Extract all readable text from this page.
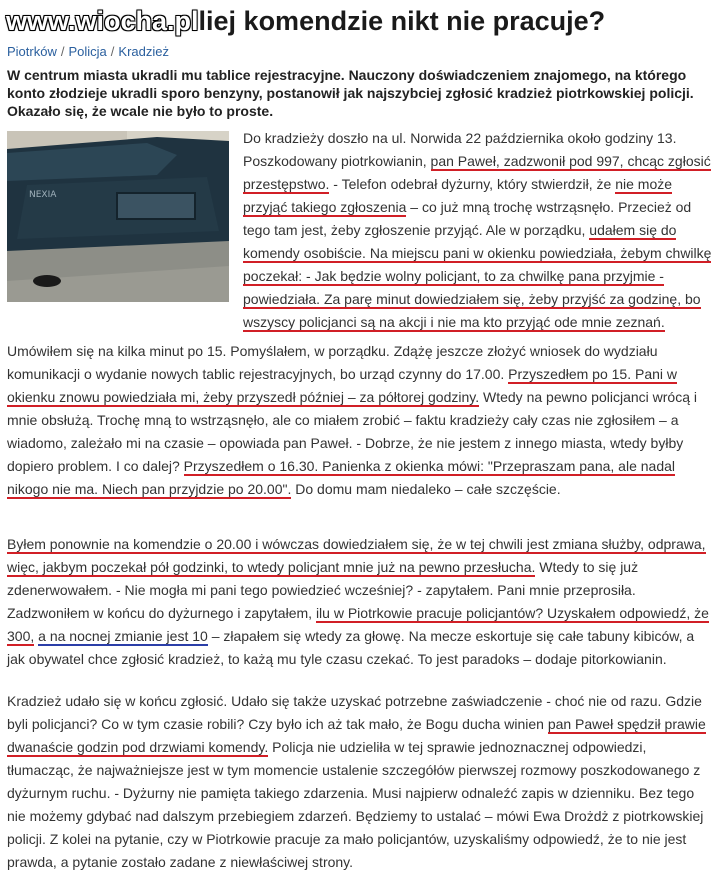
www.wiocha.plliej komendzie nikt nie pracuje?
Piotrków / Policja / Kradzież
W centrum miasta ukradli mu tablice rejestracyjne. Nauczony doświadczeniem znajomego, na którego konto złodzieje ukradli sporo benzyny, postanowił jak najszybciej zgłosić kradzież piotrkowskiej policji. Okazało się, że wcale nie było to proste.
NEXIA
Do kradzieży doszło na ul. Norwida 22 października około godziny 13. Poszkodowany piotrkowianin, pan Paweł, zadzwonił pod 997, chcąc zgłosić przestępstwo. - Telefon odebrał dyżurny, który stwierdził, że nie może przyjąć takiego zgłoszenia – co już mną trochę wstrząsnęło. Przecież od tego tam jest, żeby zgłoszenie przyjąć. Ale w porządku, udałem się do komendy osobiście. Na miejscu pani w okienku powiedziała, żebym chwilkę poczekał: - Jak będzie wolny policjant, to za chwilkę pana przyjmie - powiedziała. Za parę minut dowiedziałem się, żeby przyjść za godzinę, bo wszyscy policjanci są na akcji i nie ma kto przyjąć ode mnie zeznań.
Umówiłem się na kilka minut po 15. Pomyślałem, w porządku. Zdążę jeszcze złożyć wniosek do wydziału komunikacji o wydanie nowych tablic rejestracyjnych, bo urząd czynny do 17.00. Przyszedłem po 15. Pani w okienku znowu powiedziała mi, żeby przyszedł później – za półtorej godziny. Wtedy na pewno policjanci wrócą i mnie obsłużą. Trochę mną to wstrząsnęło, ale co miałem zrobić – faktu kradzieży cały czas nie zgłosiłem – a wiadomo, zależało mi na czasie – opowiada pan Paweł. - Dobrze, że nie jestem z innego miasta, wtedy byłby dopiero problem. I co dalej? Przyszedłem o 16.30. Panienka z okienka mówi: "Przepraszam pana, ale nadal nikogo nie ma. Niech pan przyjdzie po 20.00". Do domu mam niedaleko – całe szczęście.
Byłem ponownie na komendzie o 20.00 i wówczas dowiedziałem się, że w tej chwili jest zmiana służby, odprawa, więc, jakbym poczekał pół godzinki, to wtedy policjant mnie już na pewno przesłucha. Wtedy to się już zdenerwowałem. - Nie mogła mi pani tego powiedzieć wcześniej? - zapytałem. Pani mnie przeprosiła. Zadzwoniłem w końcu do dyżurnego i zapytałem, ilu w Piotrkowie pracuje policjantów? Uzyskałem odpowiedź, że 300, a na nocnej zmianie jest 10 – złapałem się wtedy za głowę. Na mecze eskortuje się całe tabuny kibiców, a jak obywatel chce zgłosić kradzież, to każą mu tyle czasu czekać. To jest paradoks – dodaje pitorkowianin.
Kradzież udało się w końcu zgłosić. Udało się także uzyskać potrzebne zaświadczenie - choć nie od razu. Gdzie byli policjanci? Co w tym czasie robili? Czy było ich aż tak mało, że Bogu ducha winien pan Paweł spędził prawie dwanaście godzin pod drzwiami komendy. Policja nie udzieliła w tej sprawie jednoznacznej odpowiedzi, tłumacząc, że najważniejsze jest w tym momencie ustalenie szczegółów pierwszej rozmowy poszkodowanego z dyżurnym ruchu. - Dyżurny nie pamięta takiego zdarzenia. Musi najpierw odnaleźć zapis w dzienniku. Bez tego nie możemy gdybać nad dalszym przebiegiem zdarzeń. Będziemy to ustalać – mówi Ewa Drożdż z piotrkowskiej policji. Z kolei na pytanie, czy w Piotrkowie pracuje za mało policjantów, uzyskaliśmy odpowiedź, że to nie jest prawda, a pytanie zostało zadane z niewłaściwej strony.
